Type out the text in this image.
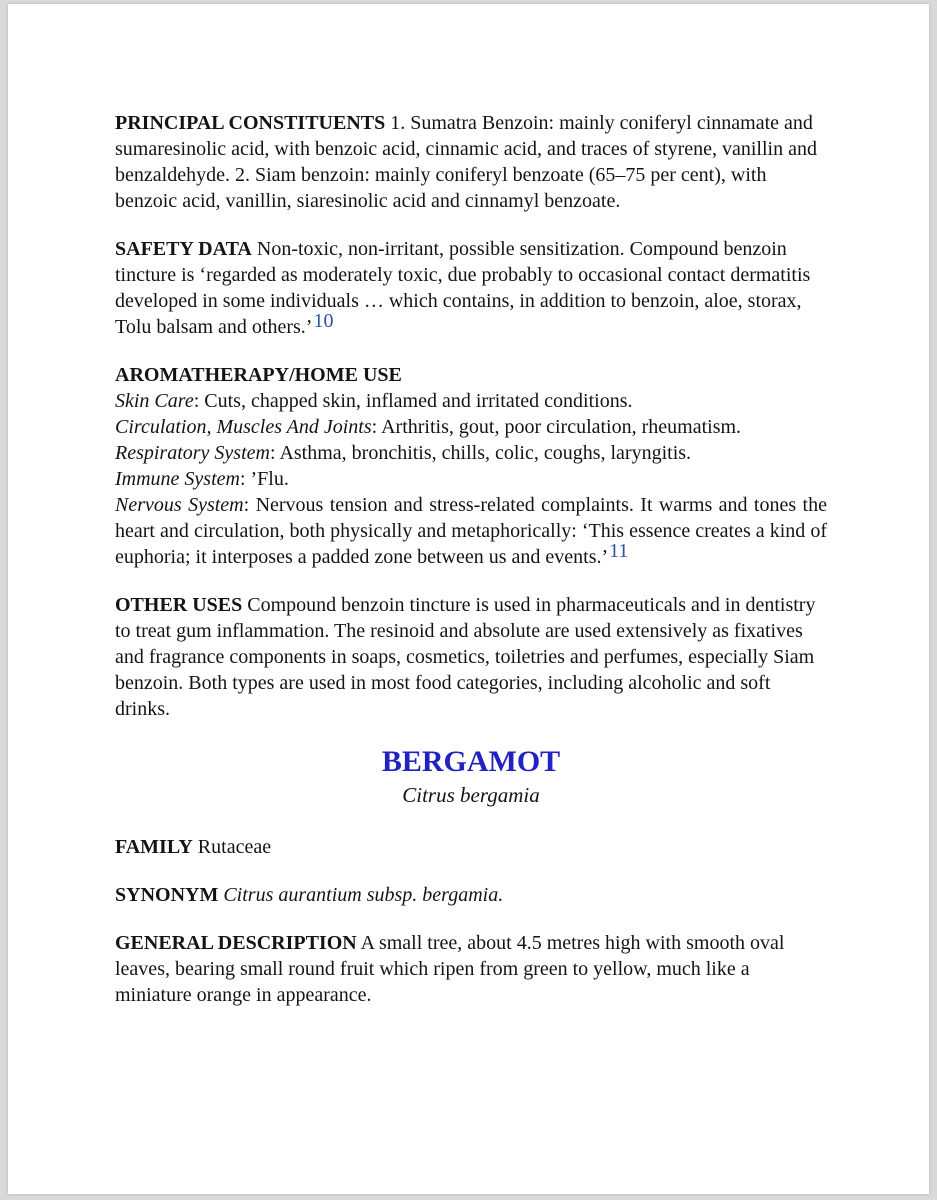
PRINCIPAL CONSTITUENTS 1. Sumatra Benzoin: mainly coniferyl cinnamate and sumaresinolic acid, with benzoic acid, cinnamic acid, and traces of styrene, vanillin and benzaldehyde. 2. Siam benzoin: mainly coniferyl benzoate (65–75 per cent), with benzoic acid, vanillin, siaresinolic acid and cinnamyl benzoate.

SAFETY DATA Non-toxic, non-irritant, possible sensitization. Compound benzoin tincture is ‘regarded as moderately toxic, due probably to occasional contact dermatitis developed in some individuals … which contains, in addition to benzoin, aloe, storax, Tolu balsam and others.’10

AROMATHERAPY/HOME USE

Skin Care: Cuts, chapped skin, inflamed and irritated conditions.
Circulation, Muscles And Joints: Arthritis, gout, poor circulation, rheumatism.
Respiratory System: Asthma, bronchitis, chills, colic, coughs, laryngitis.
Immune System: ’Flu.

Nervous System: Nervous tension and stress-related complaints. It warms and tones the heart and circulation, both physically and metaphorically: ‘This essence creates a kind of euphoria; it interposes a padded zone between us and events.’11

OTHER USES Compound benzoin tincture is used in pharmaceuticals and in dentistry to treat gum inflammation. The resinoid and absolute are used extensively as fixatives and fragrance components in soaps, cosmetics, toiletries and perfumes, especially Siam benzoin. Both types are used in most food categories, including alcoholic and soft drinks.

BERGAMOT

Citrus bergamia

FAMILY Rutaceae

SYNONYM Citrus aurantium subsp. bergamia.

GENERAL DESCRIPTION A small tree, about 4.5 metres high with smooth oval leaves, bearing small round fruit which ripen from green to yellow, much like a miniature orange in appearance.
